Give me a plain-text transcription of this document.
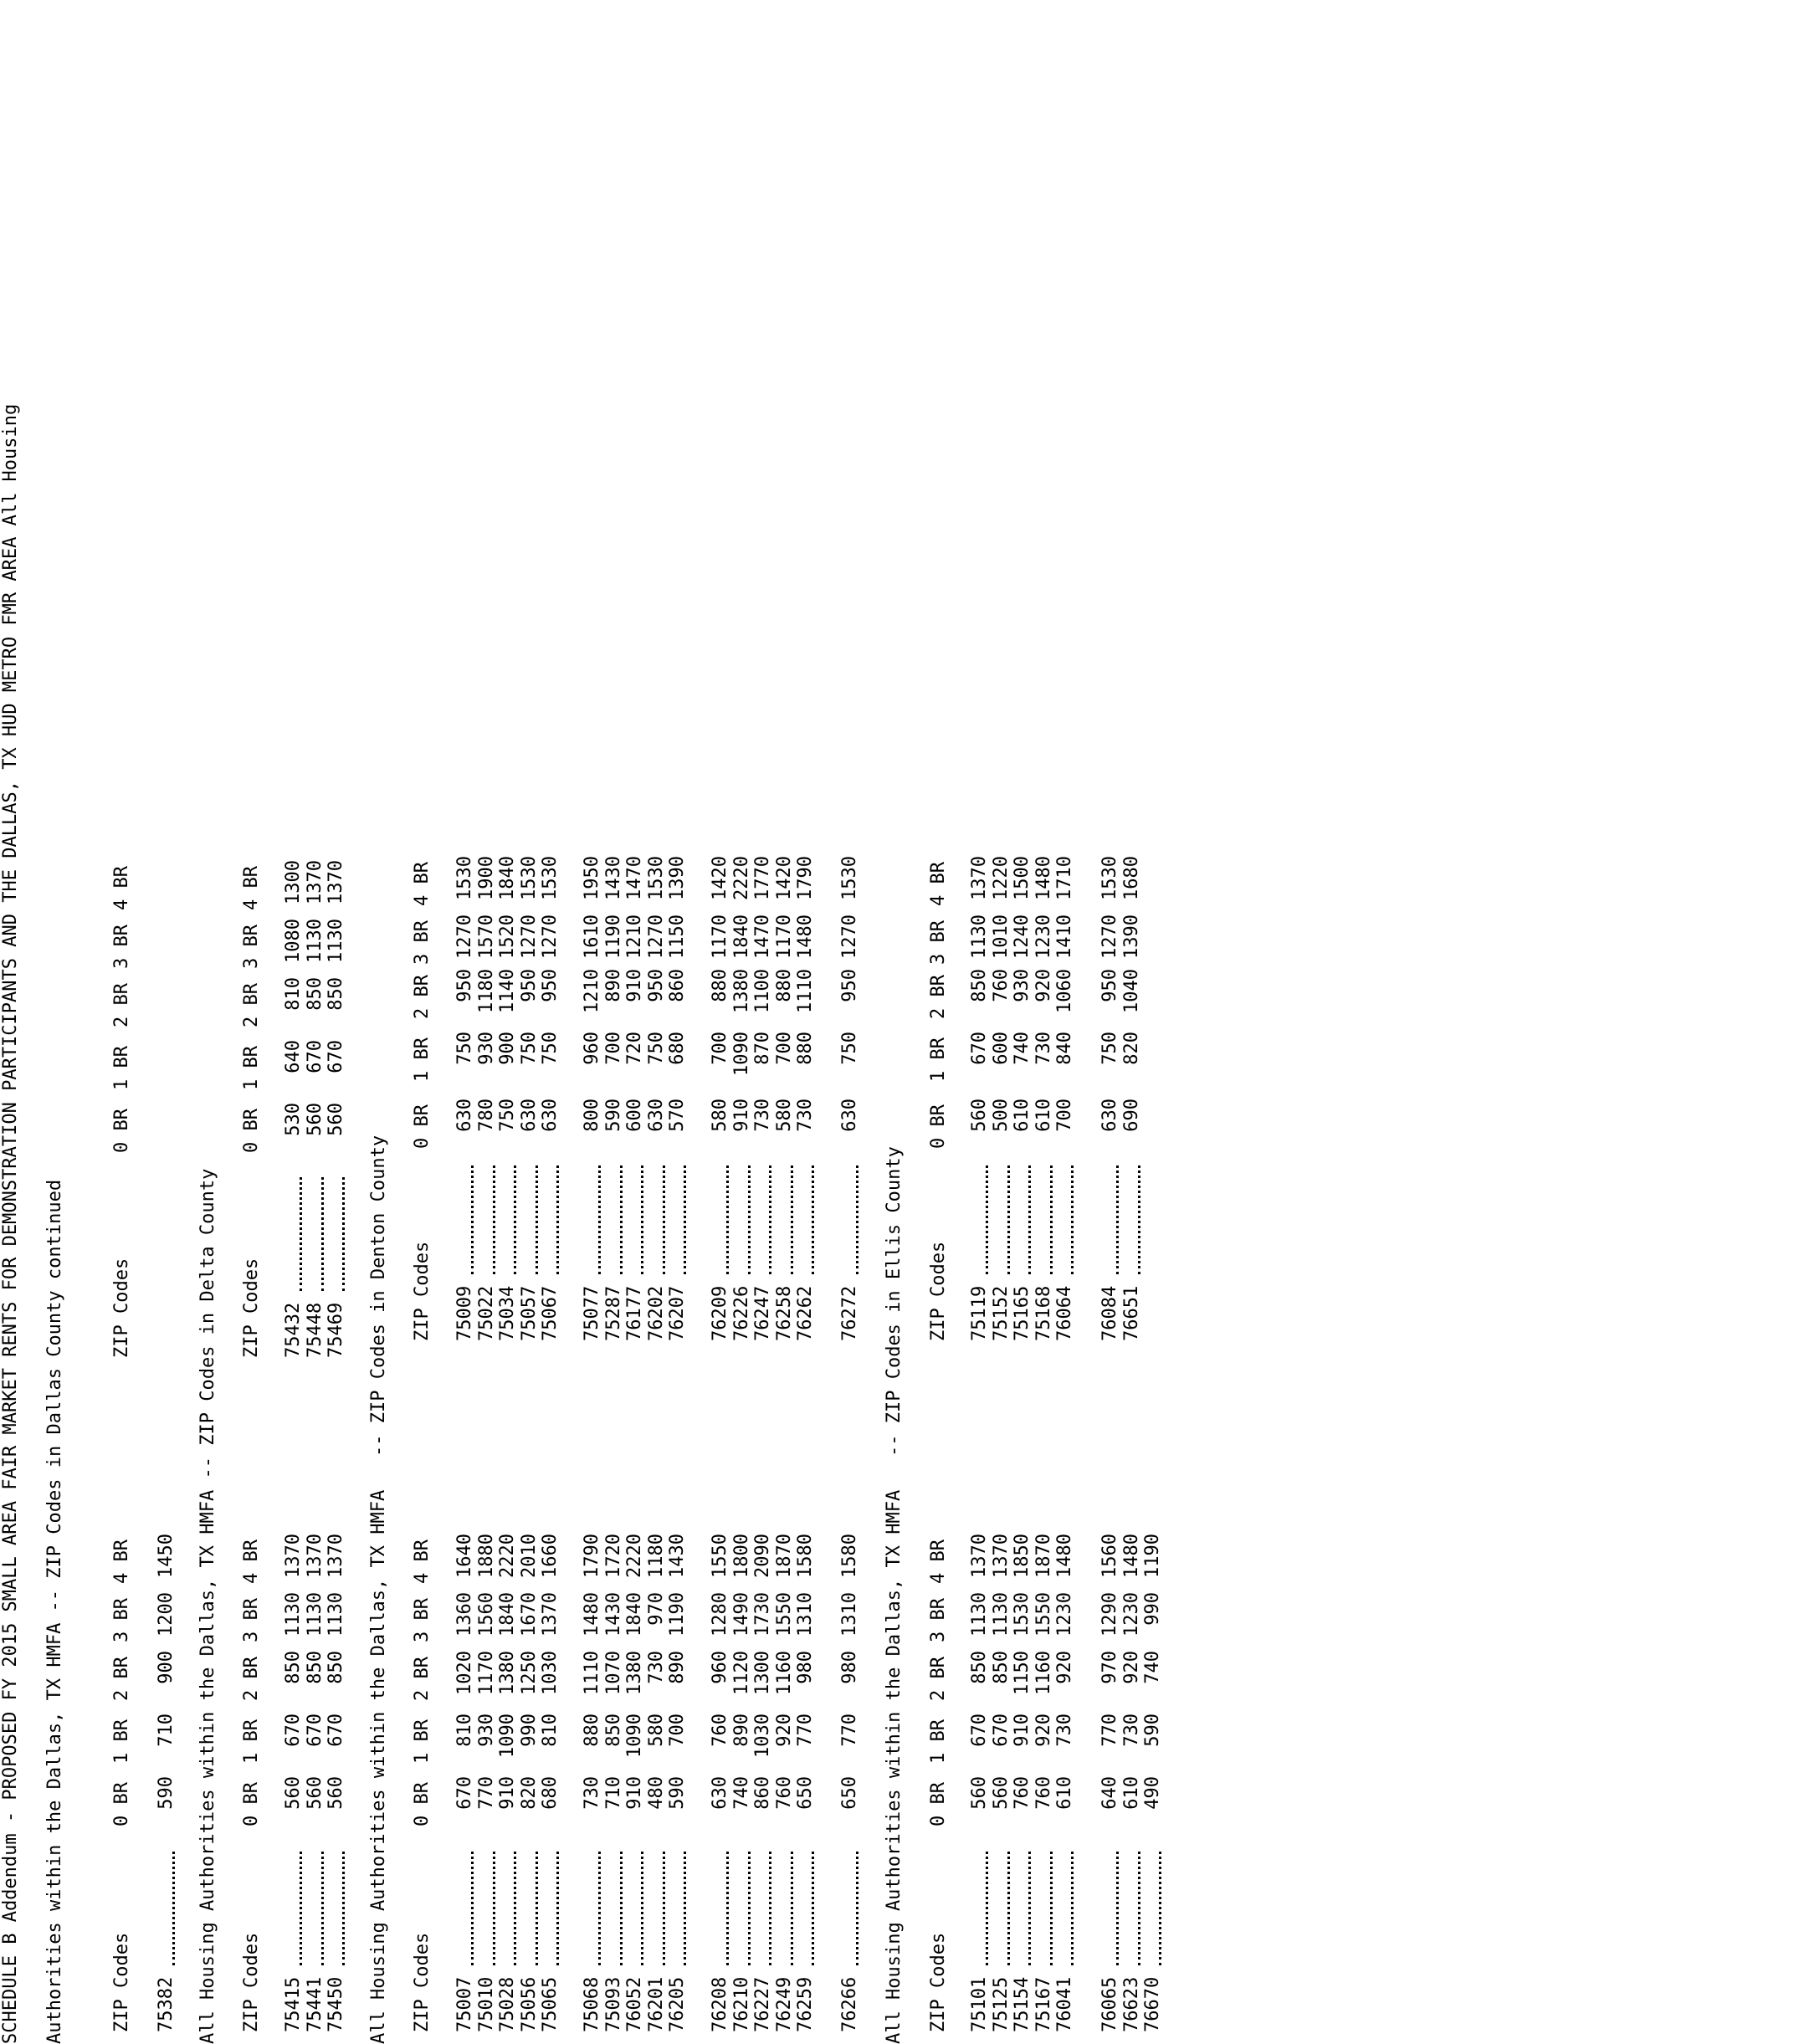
SCHEDULE B Addendum - PROPOSED FY 2015 SMALL AREA FAIR MARKET RENTS FOR DEMONSTRATION PARTICIPANTS AND THE DALLAS, TX HUD METRO FMR AREA All Housing Authorities within the Dallas, TX HMFA -- ZIP Codes in Dallas County continued	ZIP Codes
0 BR
1 BR
2 BR
3 BR
4 BR
ZIP Codes
0 BR
1 BR
2 BR
3 BR
4 BR
75382
590
710
900
1200
1450 All Housing Authorities within the Dallas, TX HMFA -- ZIP Codes in Delta County ZIP Codes
0 BR
1 BR
2 BR
3 BR
4 BR
ZIP Codes
0 BR
1 BR
2 BR
3 BR
4 BR
75415
560
670
850
1130
1370
75441
560
670
850
1130
1370
75450
560
670
850
1130
1370
75432
530
640
810
1080
1300
75448
560
670
850
1130
1370
75469
560
670
850
1130
1370
All Housing Authorities within the Dallas, TX HMFA   -- ZIP Codes in Denton County ZIP Codes
0 BR
1 BR
2 BR
3 BR
4 BR
ZIP Codes
0 BR
1 BR
2 BR
3 BR
4 BR
75007
670
810
1020
1360
1640
75010
770
930
1170
1560
1880
75028
910
1090
1380
1840
2220
75056
820
990
1250
1670
2010
75065
680
810
1030
1370
1660
75009
630
750
950
1270
1530
75022
780
930
1180
1570
1900
75034
750
900
1140
1520
1840
75057
630
750
950
1270
1530
75067
630
750
950
1270
1530
75068
730
880
1110
1480
1790
75093
710
850
1070
1430
1720
76052
910
1090
1380
1840
2220
76201
480
580
730
970
1180
76205
590
700
890
1190
1430
75077
800
960
1210
1610
1950
75287
590
700
890
1190
1430
76177
600
720
910
1210
1470
76202
630
750
950
1270
1530
76207
570
680
860
1150
1390
76208
630
760
960
1280
1550
76210
740
890
1120
1490
1800
76227
860
1030
1300
1730
2090
76249
760
920
1160
1550
1870
76259
650
770
980
1310
1580
76209
580
700
880
1170
1420
76226
910
1090
1380
1840
2220
76247
730
870
1100
1470
1770
76258
580
700
880
1170
1420
76262
730
880
1110
1480
1790
76266
650
770
980
1310
1580
76272
630
750
950
1270
1530
All Housing Authorities within the Dallas, TX HMFA   -- ZIP Codes in Ellis County ZIP Codes
0 BR
1 BR
2 BR
3 BR
4 BR
ZIP Codes
0 BR
1 BR
2 BR
3 BR
4 BR
75101
560
670
850
1130
1370
75125
560
670
850
1130
1370
75154
760
910
1150
1530
1850
75167
760
920
1160
1550
1870
76041
610
730
920
1230
1480
75119
560
670
850
1130
1370
75152
500
600
760
1010
1220
75165
610
740
930
1240
1500
75168
610
730
920
1230
1480
76064
700
840
1060
1410
1710
76065
640
770
970
1290
1560
76623
610
730
920
1230
1480
76670
490
590
740
990
1190
76084
630
750
950
1270
1530
76651
690
820
1040
1390
1680
